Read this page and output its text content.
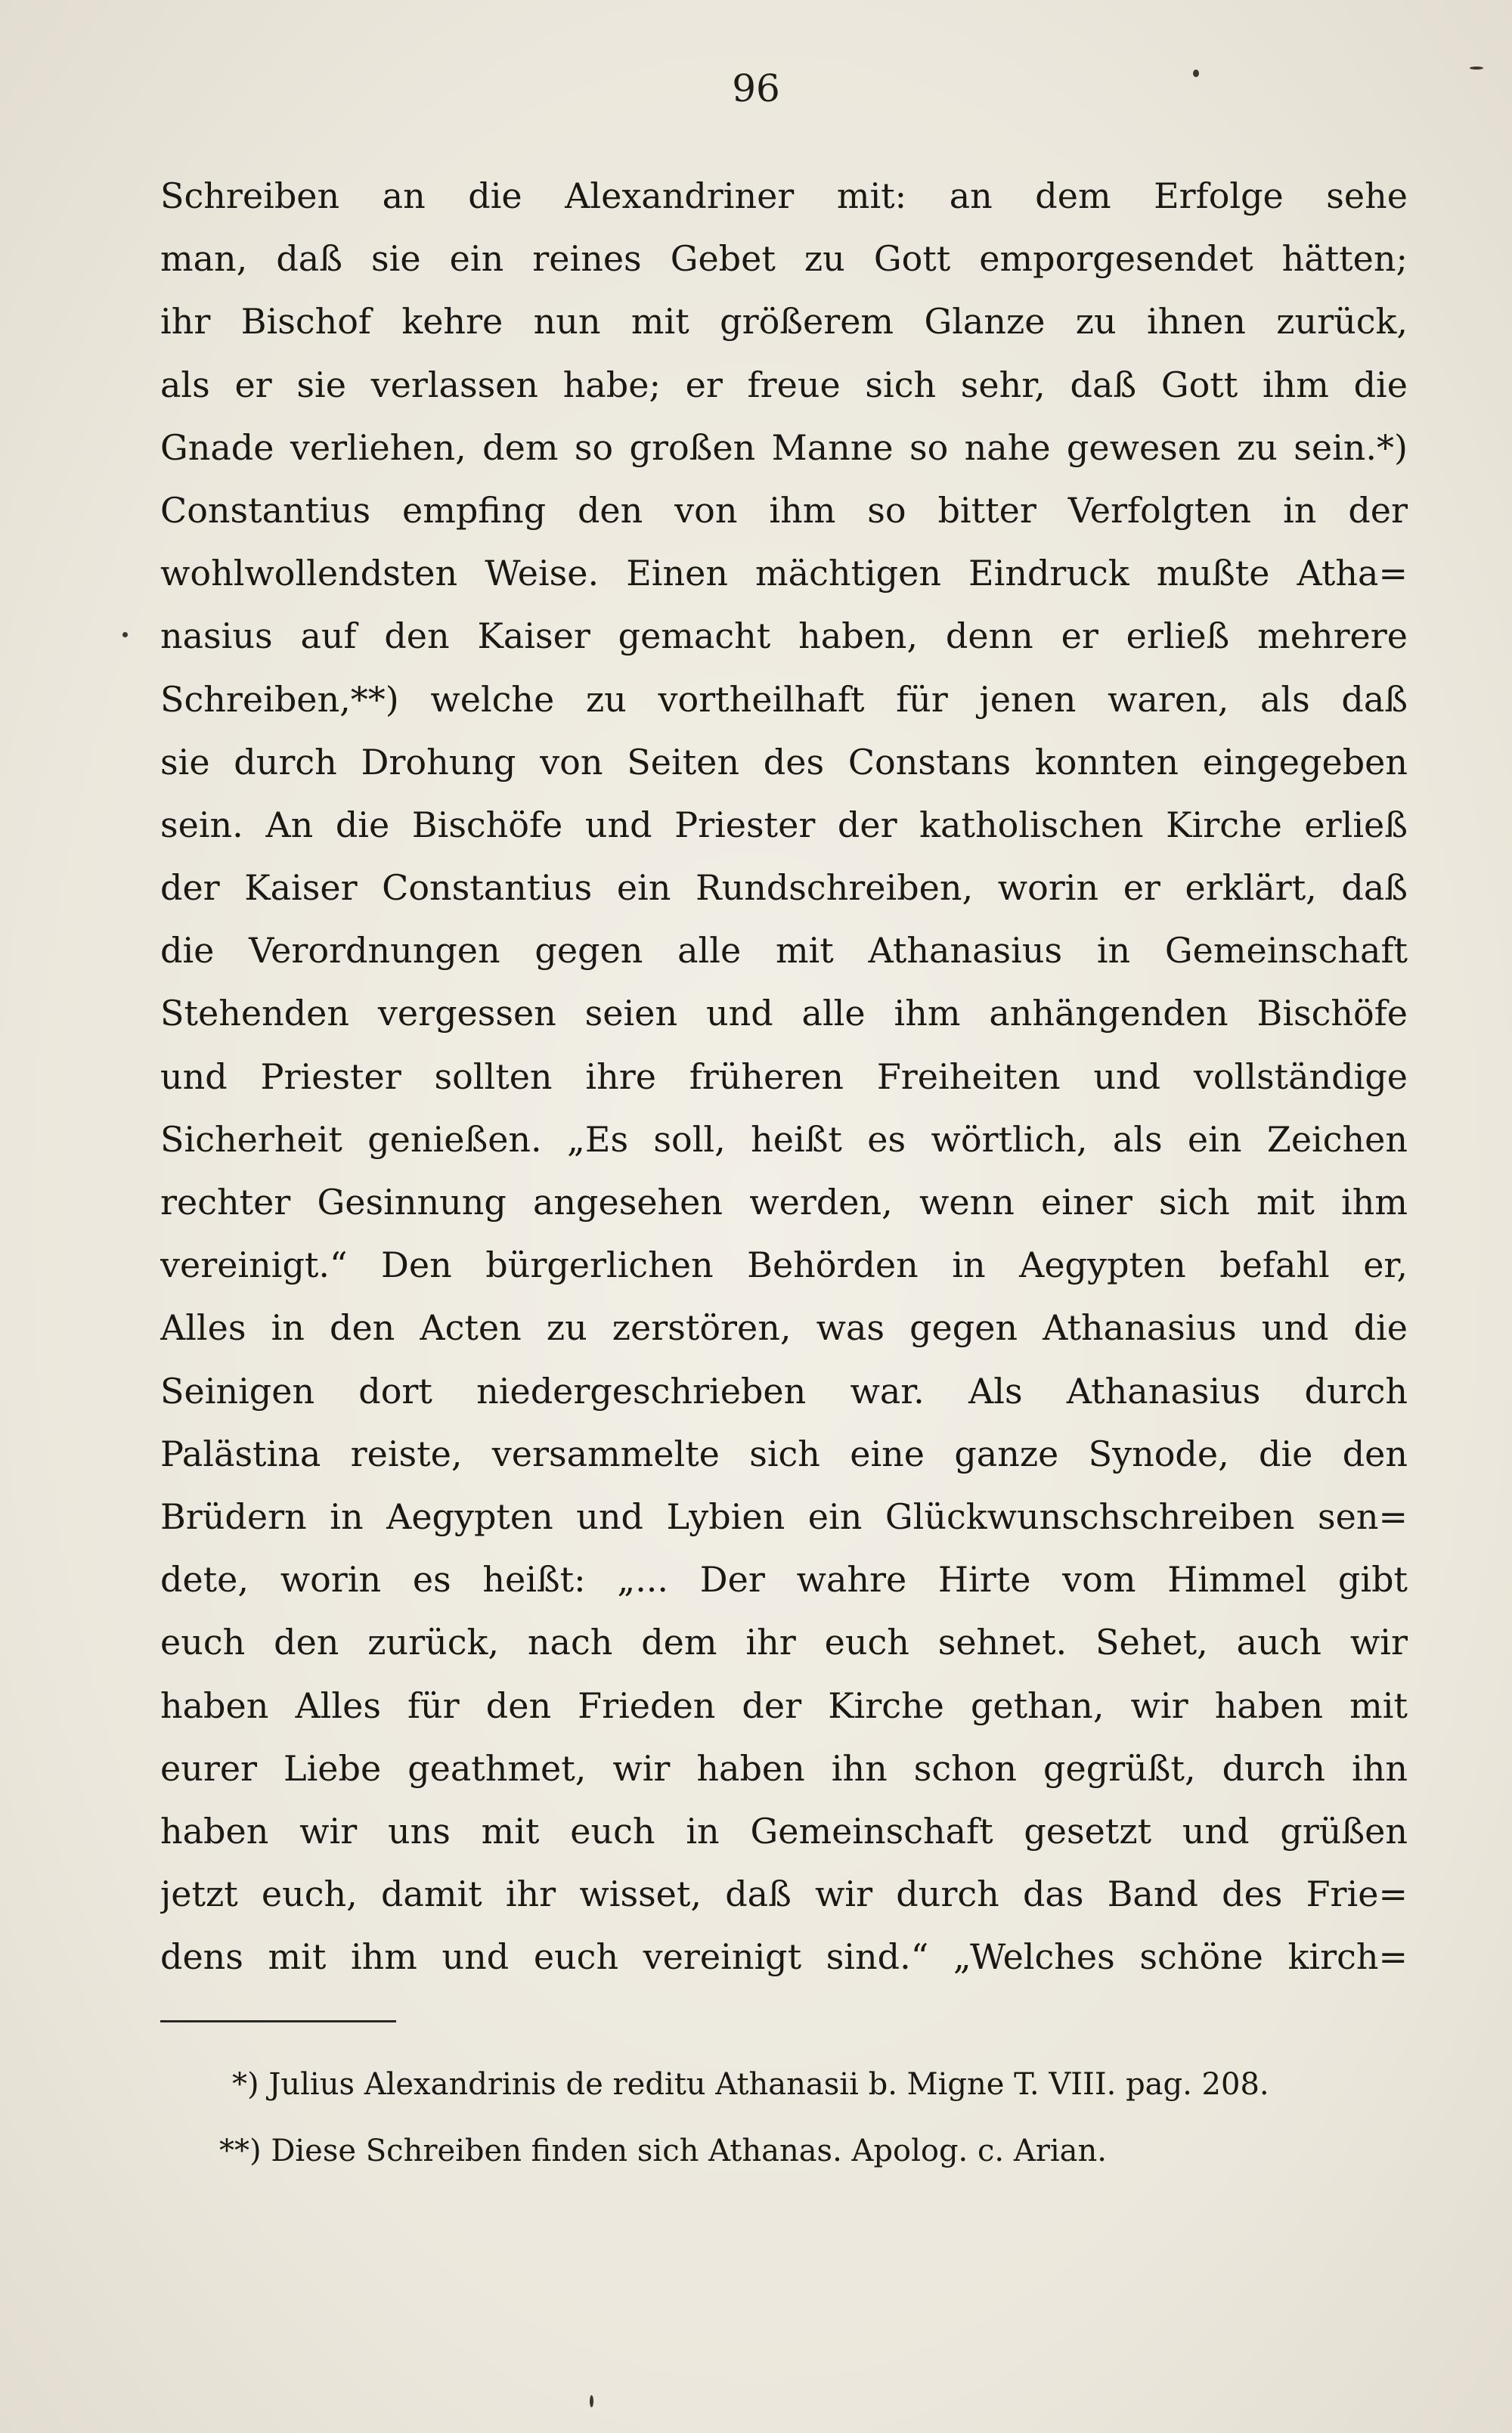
96
Schreiben an die Alexandriner mit: an dem Erfolge sehe
man, daß sie ein reines Gebet zu Gott emporgesendet hätten;
ihr Bischof kehre nun mit größerem Glanze zu ihnen zurück,
als er sie verlassen habe; er freue sich sehr, daß Gott ihm die
Gnade verliehen, dem so großen Manne so nahe gewesen zu sein.*)
Constantius empfing den von ihm so bitter Verfolgten in der
wohlwollendsten Weise. Einen mächtigen Eindruck mußte Atha=
nasius auf den Kaiser gemacht haben, denn er erließ mehrere
Schreiben,**) welche zu vortheilhaft für jenen waren, als daß
sie durch Drohung von Seiten des Constans konnten eingegeben
sein. An die Bischöfe und Priester der katholischen Kirche erließ
der Kaiser Constantius ein Rundschreiben, worin er erklärt, daß
die Verordnungen gegen alle mit Athanasius in Gemeinschaft
Stehenden vergessen seien und alle ihm anhängenden Bischöfe
und Priester sollten ihre früheren Freiheiten und vollständige
Sicherheit genießen. „Es soll, heißt es wörtlich, als ein Zeichen
rechter Gesinnung angesehen werden, wenn einer sich mit ihm
vereinigt.“ Den bürgerlichen Behörden in Aegypten befahl er,
Alles in den Acten zu zerstören, was gegen Athanasius und die
Seinigen dort niedergeschrieben war. Als Athanasius durch
Palästina reiste, versammelte sich eine ganze Synode, die den
Brüdern in Aegypten und Lybien ein Glückwunschschreiben sen=
dete, worin es heißt: „... Der wahre Hirte vom Himmel gibt
euch den zurück, nach dem ihr euch sehnet. Sehet, auch wir
haben Alles für den Frieden der Kirche gethan, wir haben mit
eurer Liebe geathmet, wir haben ihn schon gegrüßt, durch ihn
haben wir uns mit euch in Gemeinschaft gesetzt und grüßen
jetzt euch, damit ihr wisset, daß wir durch das Band des Frie=
dens mit ihm und euch vereinigt sind.“ „Welches schöne kirch=
*) Julius Alexandrinis de reditu Athanasii b. Migne T. VIII. pag. 208.
**) Diese Schreiben finden sich Athanas. Apolog. c. Arian.
